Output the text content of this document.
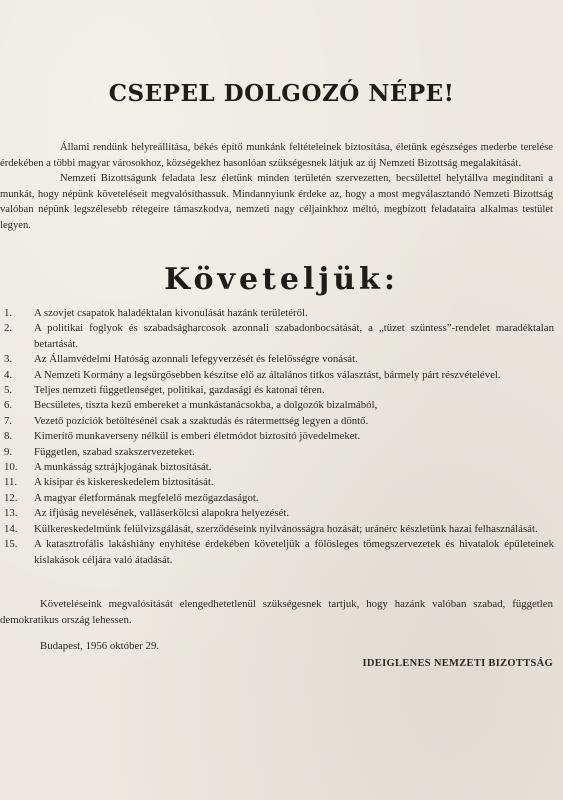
CSEPEL DOLGOZÓ NÉPE!

Állami rendünk helyreállítása, békés építő munkánk feltételeinek biztosítása, életünk egészséges mederbe terelése érdekében a többi magyar városokhoz, községekhez hasonlóan szükségesnek látjuk az új Nemzeti Bizottság megalakítását.

Nemzeti Bizottságunk feladata lesz életünk minden területén szervezetten, becsülettel helytállva megindítani a munkát, hogy népünk követeléseit megvalósíthassuk. Mindannyiunk érdeke az, hogy a most megválasztandó Nemzeti Bizottság valóban népünk legszélesebb rétegeire támaszkodva, nemzeti nagy céljainkhoz méltó, megbízott feladataira alkalmas testület legyen.

Követeljük:
1.	A szovjet csapatok haladéktalan kivonulását hazánk területéről.
2.	A politikai foglyok és szabadságharcosok azonnali szabadonbocsátását, a „tüzet szüntess”-rendelet maradéktalan betartását.
3.	Az Államvédelmi Hatóság azonnali lefegyverzését és felelősségre vonását.
4.	A Nemzeti Kormány a legsürgősebben készítse elő az általános titkos választást, bármely párt részvételével.
5.	Teljes nemzeti függetlenséget, politikai, gazdasági és katonai téren.
6.	Becsületes, tiszta kezű embereket a munkástanácsokba, a dolgozók bizalmából,
7.	Vezető pozíciók betöltésénél csak a szaktudás és rátermettség legyen a döntő.
8.	Kimerítő munkaverseny nélkül is emberi életmódot biztosító jövedelmeket.
9.	Független, szabad szakszervezeteket.
10.	A munkásság sztrájkjogának biztosítását.
11.	A kisipar és kiskereskedelem biztosítását.
12.	A magyar életformának megfelelő mezőgazdaságot.
13.	Az ifjúság nevelésének, valláserkölcsi alapokra helyezését.
14.	Külkereskedelmünk felülvizsgálását, szerződéseink nyilvánosságra hozását; uránérc készletünk hazai felhasználását.
15.	A katasztrofális lakáshiány enyhítése érdekében követeljük a fölösleges tömegszervezetek és hivatalok épületeinek kislakások céljára való átadását.

Követeléseink megvalósítását elengedhetetlenül szükségesnek tartjuk, hogy hazánk valóban szabad, független demokratikus ország lehessen.

Budapest, 1956 október 29.

IDEIGLENES NEMZETI BIZOTTSÁG
